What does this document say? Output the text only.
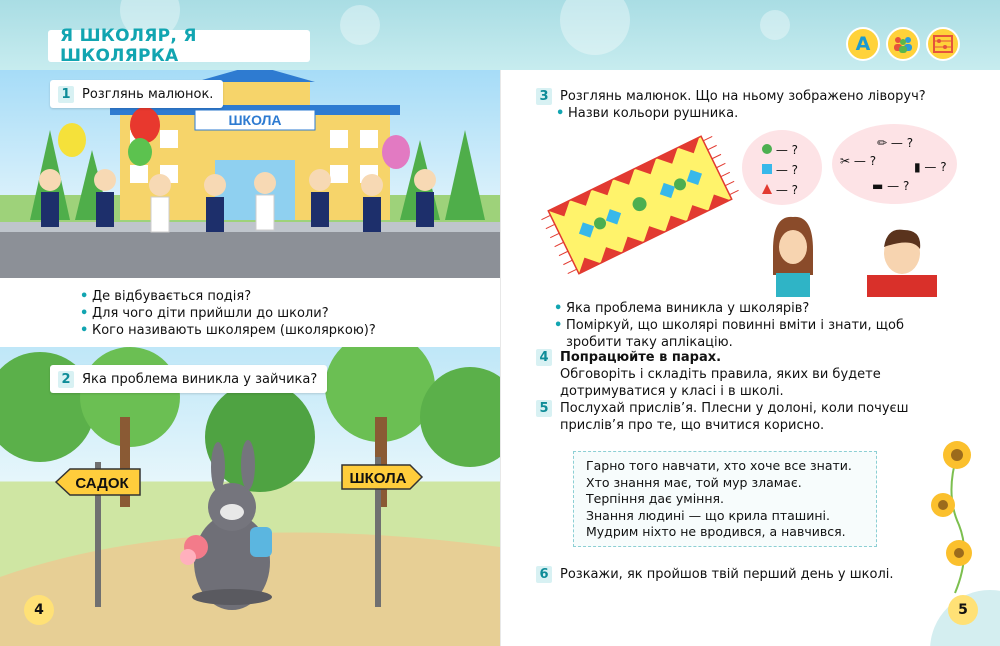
Я ШКОЛЯР, Я ШКОЛЯРКА
A
ШКОЛА
1 Розглянь малюнок.
• Де відбувається подія?
• Для чого діти прийшли до школи?
• Кого називають школярем (школяркою)?
САДОК	ШКОЛА
2 Яка проблема виникла у зайчика?
4
3 Розглянь малюнок. Що на ньому зображено ліворуч?
• Назви кольори рушника.
— ?
— ?
— ?
✏ — ?
✂ — ?	▮ — ?
▬ — ?
• Яка проблема виникла у школярів?
• Поміркуй, що школярі повинні вміти і знати, щоб зробити таку аплікацію.
4 Попрацюйте в парах.
Обговоріть і складіть правила, яких ви будете дотримуватися у класі і в школі.
5 Послухай прислів’я. Плесни у долоні, коли почуєш прислів’я про те, що вчитися корисно.
Гарно того навчати, хто хоче все знати.
Хто знання має, той мур зламає.
Терпіння дає уміння.
Знання людині — що крила пташині.
Мудрим ніхто не вродився, а навчився.
6 Розкажи, як пройшов твій перший день у школі.
5
